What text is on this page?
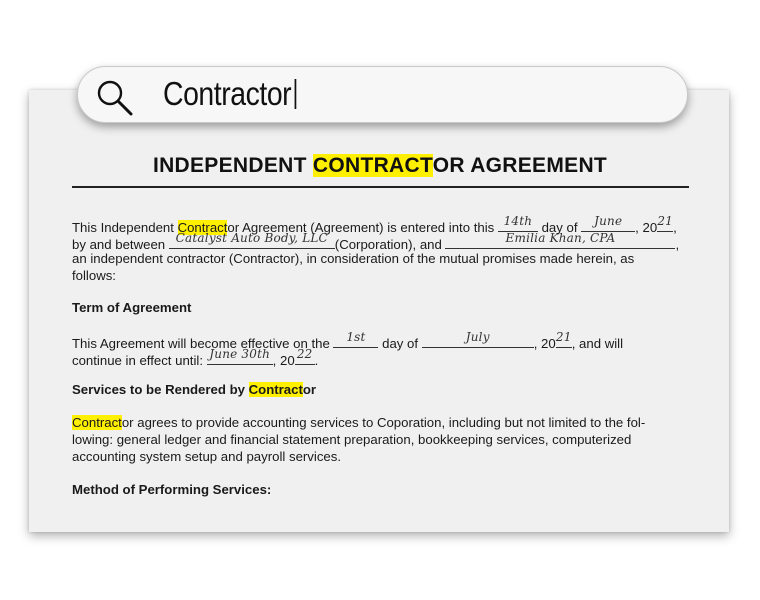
Contractor
INDEPENDENT CONTRACTOR AGREEMENT
This Independent Contractor Agreement (Agreement) is entered into this 14th day of	June , 20 21 ,
by and between Catalyst Auto Body, LLC (Corporation), and	Emilia Khan, CPA	,
an independent contractor (Contractor), in consideration of the mutual promises made herein, as
follows:
Term of Agreement
This Agreement will become effective on the	1st day of	July	, 20 21 , and will
continue in effect until: June 30th , 20 22 .
Services to be Rendered by Contractor
Contractor agrees to provide accounting services to Coporation, including but not limited to the fol-
lowing: general ledger and financial statement preparation, bookkeeping services, computerized
accounting system setup and payroll services.
Method of Performing Services:
